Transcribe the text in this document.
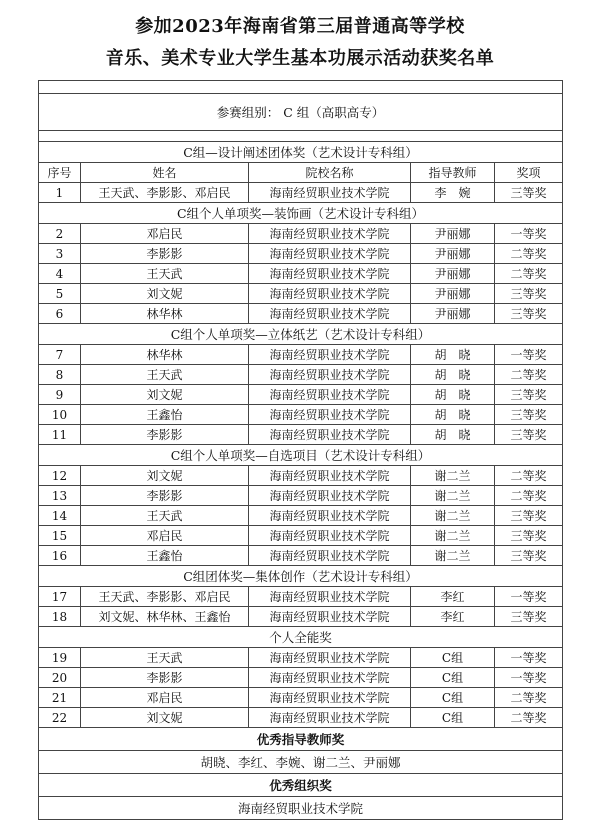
参加2023年海南省第三届普通高等学校
音乐、美术专业大学生基本功展示活动获奖名单

参赛组别： C 组（高职高专）				

C组—设计阐述团体奖（艺术设计专科组）				
序号	姓名	院校名称	指导教师	奖项
1	王天武、李影影、邓启民	海南经贸职业技术学院	李　婉	三等奖
C组个人单项奖—装饰画（艺术设计专科组）				
2	邓启民	海南经贸职业技术学院	尹丽娜	一等奖
3	李影影	海南经贸职业技术学院	尹丽娜	二等奖
4	王天武	海南经贸职业技术学院	尹丽娜	二等奖
5	刘文妮	海南经贸职业技术学院	尹丽娜	三等奖
6	林华林	海南经贸职业技术学院	尹丽娜	三等奖
C组个人单项奖—立体纸艺（艺术设计专科组）				
7	林华林	海南经贸职业技术学院	胡　晓	一等奖
8	王天武	海南经贸职业技术学院	胡　晓	二等奖
9	刘文妮	海南经贸职业技术学院	胡　晓	三等奖
10	王鑫怡	海南经贸职业技术学院	胡　晓	三等奖
11	李影影	海南经贸职业技术学院	胡　晓	三等奖
C组个人单项奖—自选项目（艺术设计专科组）				
12	刘文妮	海南经贸职业技术学院	谢二兰	二等奖
13	李影影	海南经贸职业技术学院	谢二兰	二等奖
14	王天武	海南经贸职业技术学院	谢二兰	三等奖
15	邓启民	海南经贸职业技术学院	谢二兰	三等奖
16	王鑫怡	海南经贸职业技术学院	谢二兰	三等奖
C组团体奖—集体创作（艺术设计专科组）				
17	王天武、李影影、邓启民	海南经贸职业技术学院	李红	一等奖
18	刘文妮、林华林、王鑫怡	海南经贸职业技术学院	李红	三等奖
个人全能奖				
19	王天武	海南经贸职业技术学院	C组	一等奖
20	李影影	海南经贸职业技术学院	C组	一等奖
21	邓启民	海南经贸职业技术学院	C组	二等奖
22	刘文妮	海南经贸职业技术学院	C组	二等奖
优秀指导教师奖				
胡晓、李红、李婉、谢二兰、尹丽娜				
优秀组织奖				
海南经贸职业技术学院				
